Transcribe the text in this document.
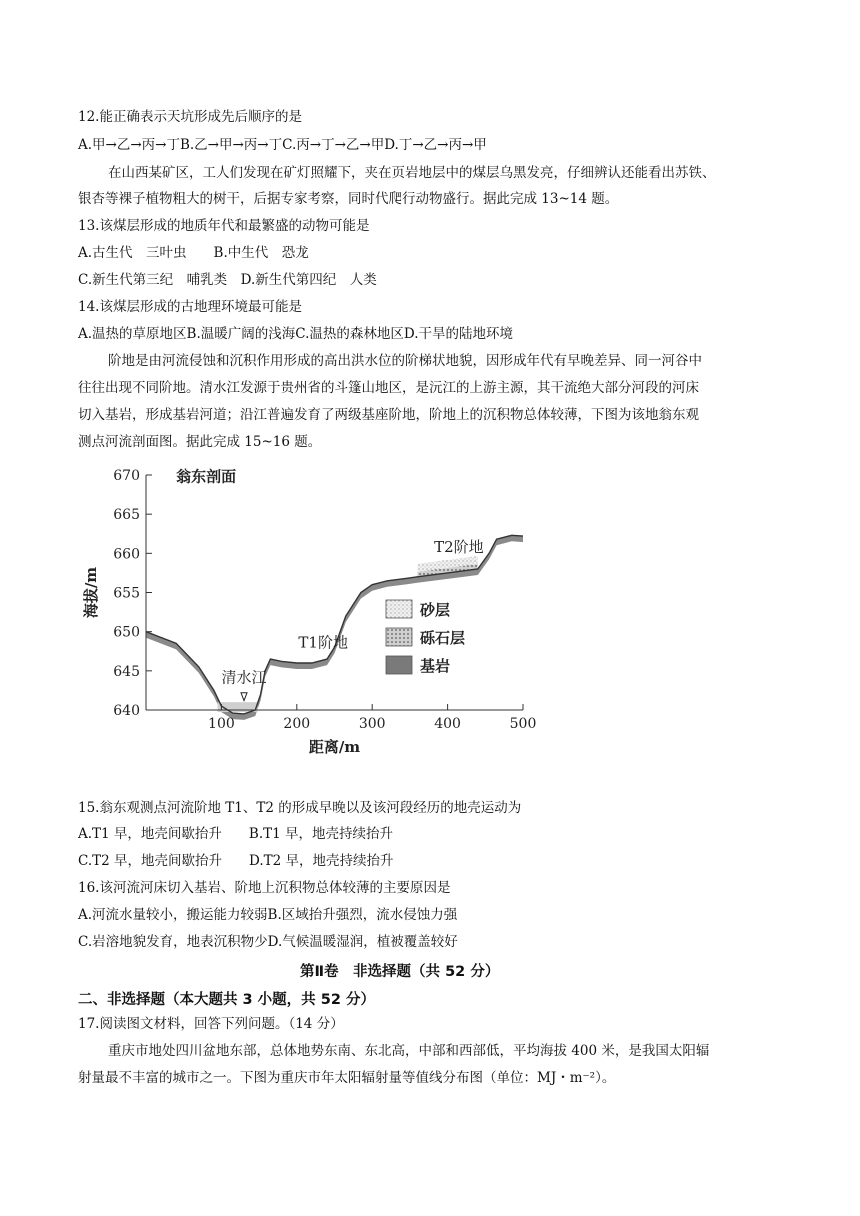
12.能正确表示天坑形成先后顺序的是
A.甲→乙→丙→丁B.乙→甲→丙→丁C.丙→丁→乙→甲D.丁→乙→丙→甲
在山西某矿区，工人们发现在矿灯照耀下，夹在页岩地层中的煤层乌黑发亮，仔细辨认还能看出苏铁、
银杏等裸子植物粗大的树干，后据专家考察，同时代爬行动物盛行。据此完成 13~14 题。
13.该煤层形成的地质年代和最繁盛的动物可能是
A.古生代　三叶虫　　B.中生代　恐龙
C.新生代第三纪　哺乳类　D.新生代第四纪　人类
14.该煤层形成的古地理环境最可能是
A.温热的草原地区B.温暖广阔的浅海C.温热的森林地区D.干旱的陆地环境
阶地是由河流侵蚀和沉积作用形成的高出洪水位的阶梯状地貌，因形成年代有早晚差异、同一河谷中
往往出现不同阶地。清水江发源于贵州省的斗篷山地区，是沅江的上游主源，其干流绝大部分河段的河床
切入基岩，形成基岩河道；沿江普遍发育了两级基座阶地，阶地上的沉积物总体较薄，下图为该地翁东观
测点河流剖面图。据此完成 15~16 题。
640
645
650
655
660
665
670
100	200	300	400	500
距离/m
海拔/m
翁东剖面
清水江
T1阶地
T2阶地
砂层
砾石层
基岩
15.翁东观测点河流阶地 T1、T2 的形成早晚以及该河段经历的地壳运动为
A.T1 早，地壳间歇抬升　　B.T1 早，地壳持续抬升
C.T2 早，地壳间歇抬升　　D.T2 早，地壳持续抬升
16.该河流河床切入基岩、阶地上沉积物总体较薄的主要原因是
A.河流水量较小，搬运能力较弱B.区域抬升强烈，流水侵蚀力强
C.岩溶地貌发育，地表沉积物少D.气候温暖湿润，植被覆盖较好
第Ⅱ卷　非选择题（共 52 分）
二、非选择题（本大题共 3 小题，共 52 分）
17.阅读图文材料，回答下列问题。（14 分）
重庆市地处四川盆地东部，总体地势东南、东北高，中部和西部低，平均海拔 400 米，是我国太阳辐
射量最不丰富的城市之一。下图为重庆市年太阳辐射量等值线分布图（单位：MJ・m⁻²）。
